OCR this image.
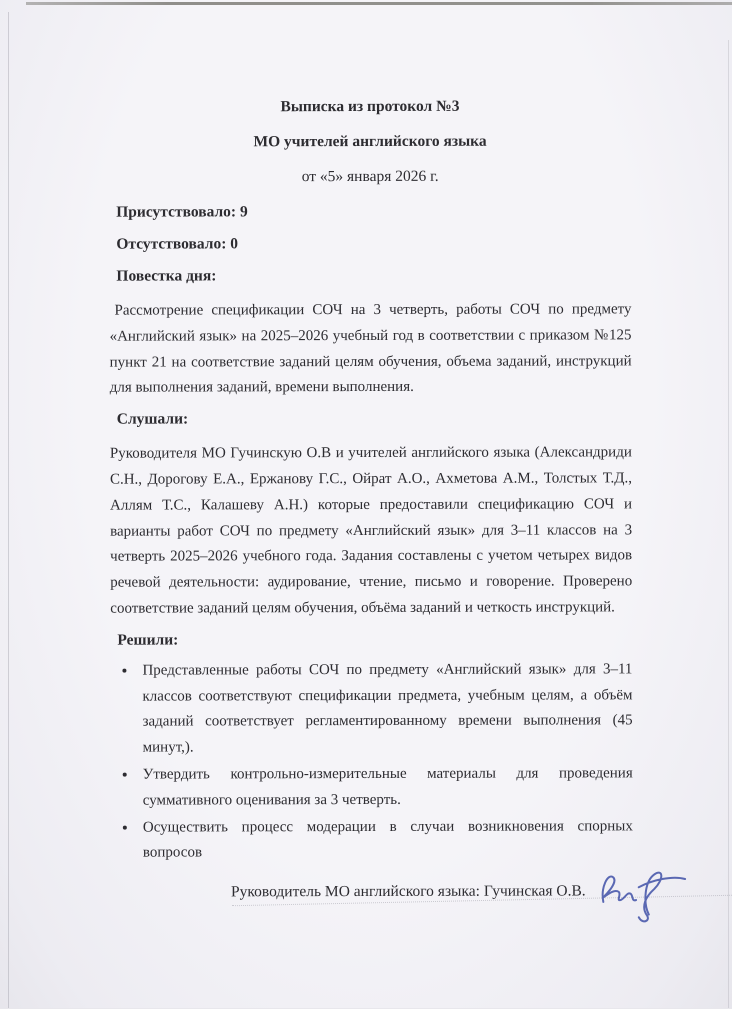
Выписка из протокол №3

МО учителей английского языка

от «5» января 2026 г.

Присутствовало: 9

Отсутствовало: 0

Повестка дня:

Рассмотрение спецификации СОЧ на 3 четверть, работы СОЧ по предмету «Английский язык» на 2025–2026 учебный год в соответствии с приказом №125 пункт 21 на соответствие заданий целям обучения, объема заданий, инструкций для выполнения заданий, времени выполнения.

Слушали:

Руководителя МО Гучинскую О.В и учителей английского языка (Александриди С.Н., Дорогову Е.А., Ержанову Г.С., Ойрат А.О., Ахметова А.М., Толстых Т.Д., Аллям Т.С., Калашеву А.Н.) которые предоставили спецификацию СОЧ и варианты работ СОЧ по предмету «Английский язык» для 3–11 классов на 3 четверть 2025–2026 учебного года. Задания составлены с учетом четырех видов речевой деятельности: аудирование, чтение, письмо и говорение. Проверено соответствие заданий целям обучения, объёма заданий и четкость инструкций.

Решили:

• Представленные работы СОЧ по предмету «Английский язык» для 3–11 классов соответствуют спецификации предмета, учебным целям, а объём заданий соответствует регламентированному времени выполнения (45 минут,).
• Утвердить контрольно-измерительные материалы для проведения суммативного оценивания за 3 четверть.
• Осуществить процесс модерации в случаи возникновения спорных вопросов
Руководитель МО английского языка: Гучинская О.В.
